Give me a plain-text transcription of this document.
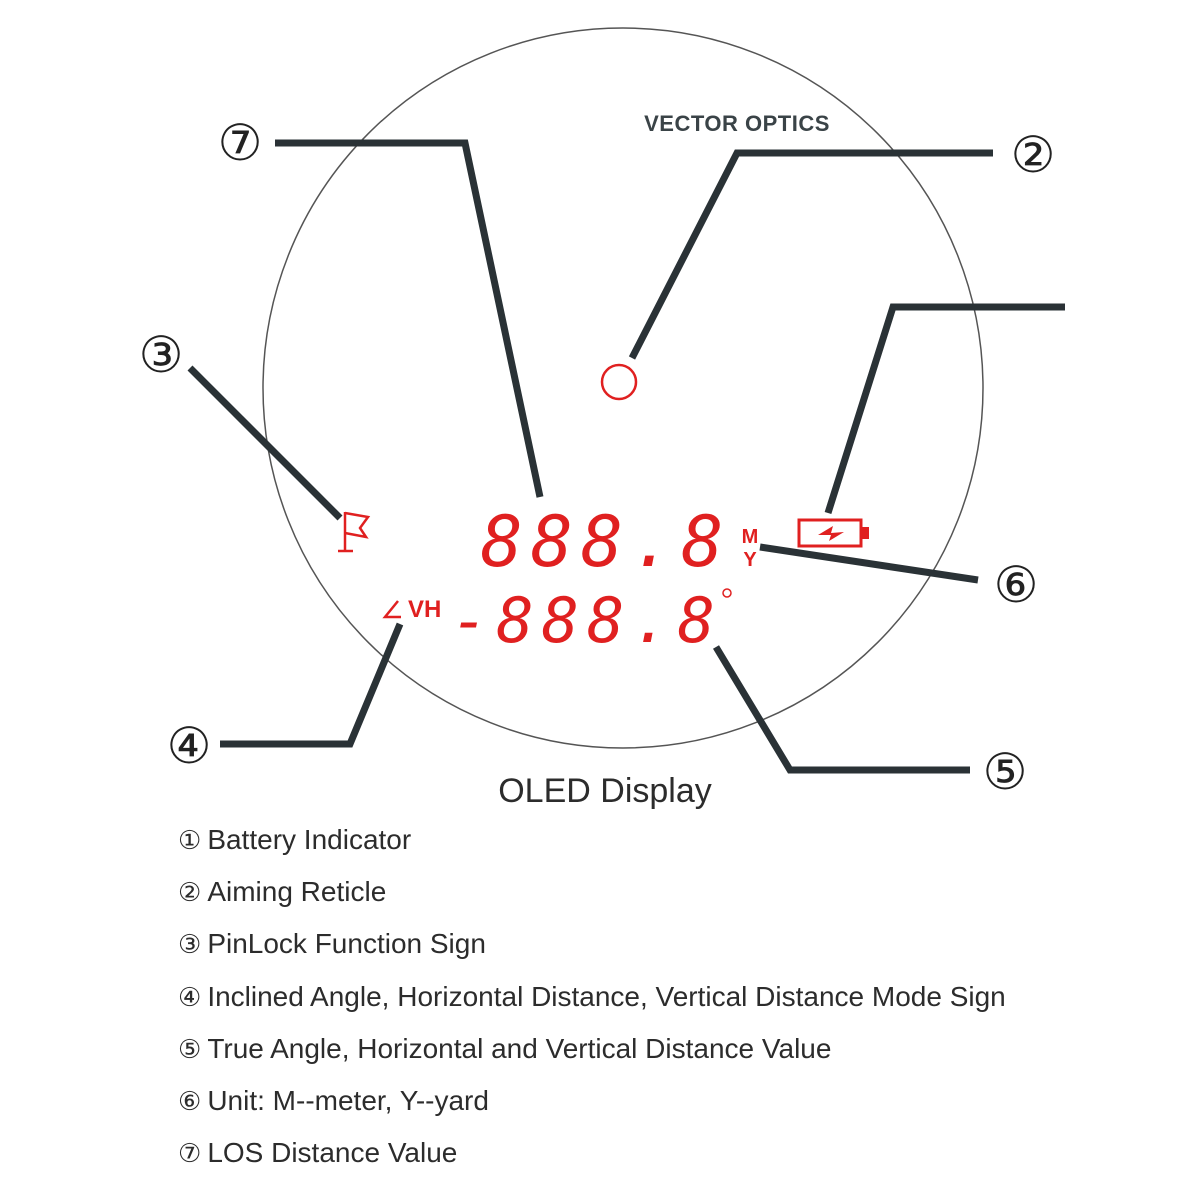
VECTOR OPTICS
⑦	②
③
④	⑤
⑥
888.8 M
Y
VH -888.8
OLED Display
① Battery Indicator
② Aiming Reticle
③ PinLock Function Sign
④ Inclined Angle, Horizontal Distance, Vertical Distance Mode Sign
⑤ True Angle, Horizontal and Vertical Distance Value
⑥ Unit: M--meter, Y--yard
⑦ LOS Distance Value
